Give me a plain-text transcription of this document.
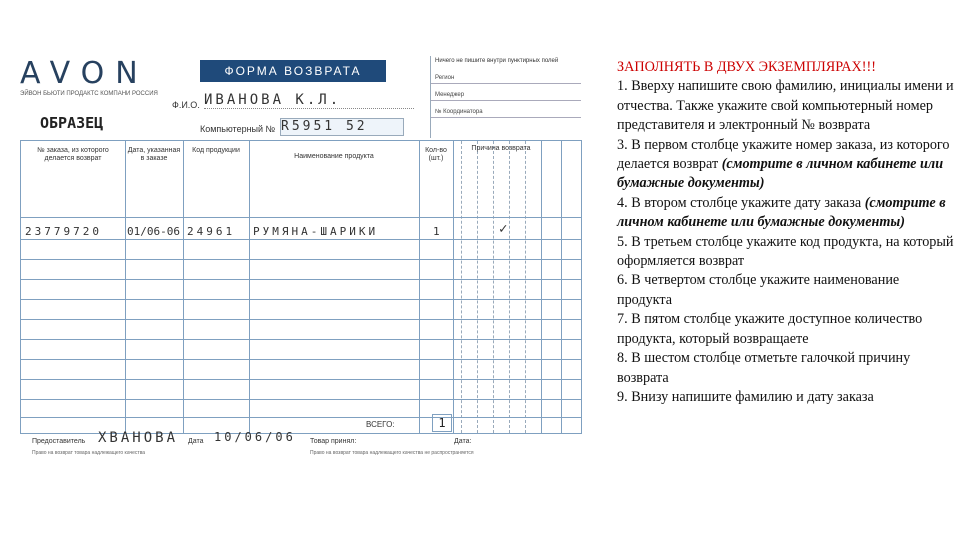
AVON
ЭЙВОН БЬЮТИ ПРОДАКТС КОМПАНИ РОССИЯ
ОБРАЗЕЦ
ФОРМА ВОЗВРАТА
Ф.И.О. ИВАНОВА К.Л.
Компьютерный № R5951 52
Ничего не пишите внутри пунктирных полей
Регион
Менеджер
№ Координатора
№ заказа, из которого делается возврат
Дата, указанная в заказе
Код продукции
Наименование продукта
Кол-во (шт.)
Причина возврата
23779720 01/06-06 24961 РУМЯНА-ШАРИКИ	1	✓
ВСЕГО:	1
Предоставитель ХВАНОВА Дата 10/06/06 Товар принял:	Дата:
Право на возврат товара надлежащего качества	Право на возврат товара надлежащего качества не распространяется
ЗАПОЛНЯТЬ В ДВУХ ЭКЗЕМПЛЯРАХ!!!
1. Вверху напишите свою фамилию, инициалы имени и отчества. Также укажите свой компьютерный номер представителя и электронный № возврата
3. В первом столбце укажите номер заказа, из которого делается возврат (смотрите в личном кабинете или бумажные документы)
4. В втором столбце укажите дату заказа (смотрите в личном кабинете или бумажные документы)
5. В третьем столбце укажите код продукта, на который оформляется возврат
6. В четвертом столбце укажите наименование продукта
7. В пятом столбце укажите доступное количество продукта, который возвращаете
8. В шестом столбце отметьте галочкой причину возврата
9. Внизу напишите фамилию и дату заказа
